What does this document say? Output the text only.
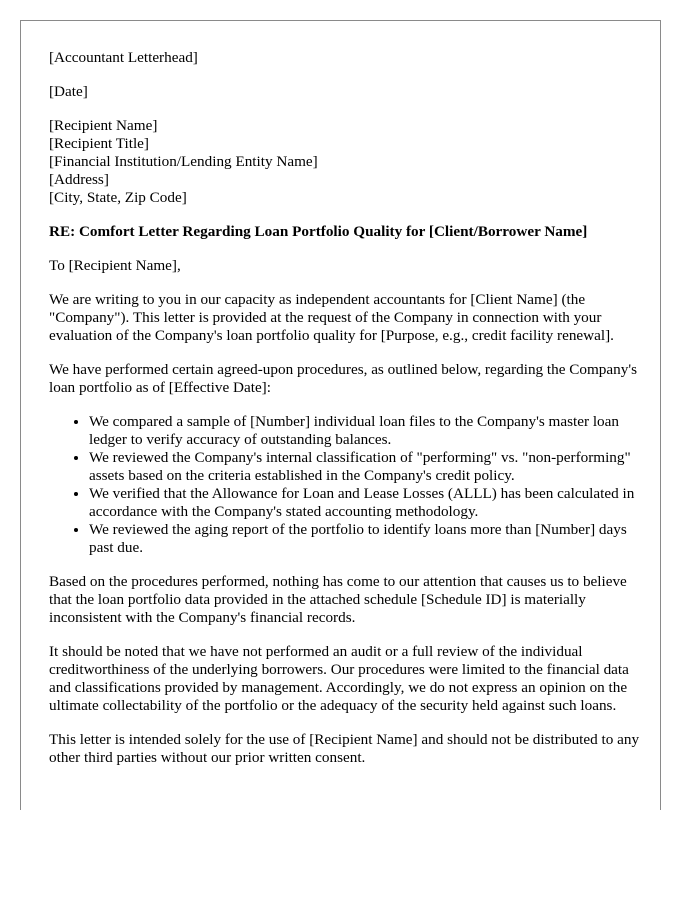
[Accountant Letterhead]

[Date]

[Recipient Name]
[Recipient Title]
[Financial Institution/Lending Entity Name]
[Address]
[City, State, Zip Code]

RE: Comfort Letter Regarding Loan Portfolio Quality for [Client/Borrower Name]

To [Recipient Name],

We are writing to you in our capacity as independent accountants for [Client Name] (the "Company"). This letter is provided at the request of the Company in connection with your evaluation of the Company's loan portfolio quality for [Purpose, e.g., credit facility renewal].

We have performed certain agreed-upon procedures, as outlined below, regarding the Company's loan portfolio as of [Effective Date]:

• We compared a sample of [Number] individual loan files to the Company's master loan ledger to verify accuracy of outstanding balances.
• We reviewed the Company's internal classification of "performing" vs. "non-performing" assets based on the criteria established in the Company's credit policy.
• We verified that the Allowance for Loan and Lease Losses (ALLL) has been calculated in accordance with the Company's stated accounting methodology.
• We reviewed the aging report of the portfolio to identify loans more than [Number] days past due.

Based on the procedures performed, nothing has come to our attention that causes us to believe that the loan portfolio data provided in the attached schedule [Schedule ID] is materially inconsistent with the Company's financial records.

It should be noted that we have not performed an audit or a full review of the individual creditworthiness of the underlying borrowers. Our procedures were limited to the financial data and classifications provided by management. Accordingly, we do not express an opinion on the ultimate collectability of the portfolio or the adequacy of the security held against such loans.

This letter is intended solely for the use of [Recipient Name] and should not be distributed to any other third parties without our prior written consent.
